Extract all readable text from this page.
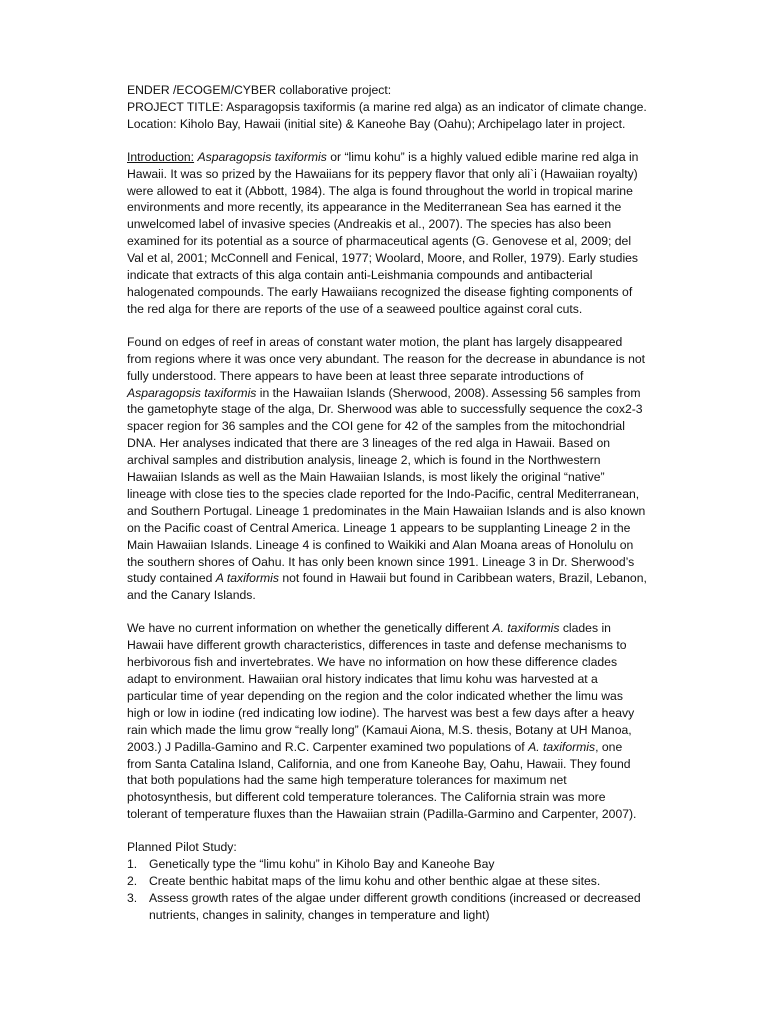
ENDER /ECOGEM/CYBER collaborative project:

PROJECT TITLE: Asparagopsis taxiformis (a marine red alga) as an indicator of climate change.

Location: Kiholo Bay, Hawaii (initial site) & Kaneohe Bay (Oahu); Archipelago later in project.

Introduction: Asparagopsis taxiformis or “limu kohu” is a highly valued edible marine red alga in Hawaii. It was so prized by the Hawaiians for its peppery flavor that only ali`i (Hawaiian royalty) were allowed to eat it (Abbott, 1984). The alga is found throughout the world in tropical marine environments and more recently, its appearance in the Mediterranean Sea has earned it the unwelcomed label of invasive species (Andreakis et al., 2007). The species has also been examined for its potential as a source of pharmaceutical agents (G. Genovese et al, 2009; del Val et al, 2001; McConnell and Fenical, 1977; Woolard, Moore, and Roller, 1979). Early studies indicate that extracts of this alga contain anti-Leishmania compounds and antibacterial halogenated compounds. The early Hawaiians recognized the disease fighting components of the red alga for there are reports of the use of a seaweed poultice against coral cuts.

Found on edges of reef in areas of constant water motion, the plant has largely disappeared from regions where it was once very abundant. The reason for the decrease in abundance is not fully understood. There appears to have been at least three separate introductions of Asparagopsis taxiformis in the Hawaiian Islands (Sherwood, 2008). Assessing 56 samples from the gametophyte stage of the alga, Dr. Sherwood was able to successfully sequence the cox2-3 spacer region for 36 samples and the COI gene for 42 of the samples from the mitochondrial DNA. Her analyses indicated that there are 3 lineages of the red alga in Hawaii. Based on archival samples and distribution analysis, lineage 2, which is found in the Northwestern Hawaiian Islands as well as the Main Hawaiian Islands, is most likely the original “native” lineage with close ties to the species clade reported for the Indo-Pacific, central Mediterranean, and Southern Portugal. Lineage 1 predominates in the Main Hawaiian Islands and is also known on the Pacific coast of Central America. Lineage 1 appears to be supplanting Lineage 2 in the Main Hawaiian Islands. Lineage 4 is confined to Waikiki and Alan Moana areas of Honolulu on the southern shores of Oahu. It has only been known since 1991. Lineage 3 in Dr. Sherwood’s study contained A taxiformis not found in Hawaii but found in Caribbean waters, Brazil, Lebanon, and the Canary Islands.

We have no current information on whether the genetically different A. taxiformis clades in Hawaii have different growth characteristics, differences in taste and defense mechanisms to herbivorous fish and invertebrates. We have no information on how these difference clades adapt to environment. Hawaiian oral history indicates that limu kohu was harvested at a particular time of year depending on the region and the color indicated whether the limu was high or low in iodine (red indicating low iodine). The harvest was best a few days after a heavy rain which made the limu grow “really long” (Kamaui Aiona, M.S. thesis, Botany at UH Manoa, 2003.) J Padilla-Gamino and R.C. Carpenter examined two populations of A. taxiformis, one from Santa Catalina Island, California, and one from Kaneohe Bay, Oahu, Hawaii. They found that both populations had the same high temperature tolerances for maximum net photosynthesis, but different cold temperature tolerances. The California strain was more tolerant of temperature fluxes than the Hawaiian strain (Padilla-Garmino and Carpenter, 2007).

Planned Pilot Study:

1. Genetically type the “limu kohu” in Kiholo Bay and Kaneohe Bay
2. Create benthic habitat maps of the limu kohu and other benthic algae at these sites.
3. Assess growth rates of the algae under different growth conditions (increased or decreased nutrients, changes in salinity, changes in temperature and light)
